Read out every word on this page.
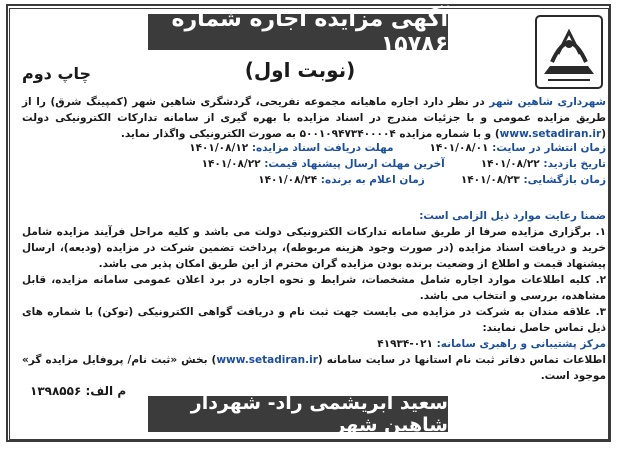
آگهی مزایده اجاره شماره ۱۵۷۸۶
(نوبت اول)
چاپ دوم

شهرداری شاهین شهر در نظر دارد اجاره ماهیانه مجموعه تفریحی، گردشگری شاهین شهر (کمپینگ شرق) را از طریق مزایده عمومی و با جزئیات مندرج در اسناد مزایده با بهره گیری از سامانه تدارکات الکترونیکی دولت (www.setadiran.ir) و با شماره مزایده ۵۰۰۱۰۹۴۷۳۴۰۰۰۰۴ به صورت الکترونیکی واگذار نماید.

زمان انتشار در سایت: ۱۴۰۱/۰۸/۰۱
مهلت دریافت اسناد مزایده: ۱۴۰۱/۰۸/۱۲
تاریخ بازدید: ۱۴۰۱/۰۸/۲۲
آخرین مهلت ارسال پیشنهاد قیمت: ۱۴۰۱/۰۸/۲۲
زمان بازگشایی: ۱۴۰۱/۰۸/۲۳
زمان اعلام به برنده: ۱۴۰۱/۰۸/۲۴

ضمنا رعایت موارد ذیل الزامی است:

۱. برگزاری مزایده صرفا از طریق سامانه تدارکات الکترونیکی دولت می باشد و کلیه مراحل فرآیند مزایده شامل خرید و دریافت اسناد مزایده (در صورت وجود هزینه مربوطه)، پرداخت تضمین شرکت در مزایده (ودیعه)، ارسال پیشنهاد قیمت و اطلاع از وضعیت برنده بودن مزایده گران محترم از این طریق امکان پذیر می باشد.

۲. کلیه اطلاعات موارد اجاره شامل مشخصات، شرایط و نحوه اجاره در برد اعلان عمومی سامانه مزایده، قابل مشاهده، بررسی و انتخاب می باشد.

۳. علاقه مندان به شرکت در مزایده می بایست جهت ثبت نام و دریافت گواهی الکترونیکی (توکن) با شماره های ذیل تماس حاصل نمایند:

مرکز پشتیبانی و راهبری سامانه: ۰۲۱-۴۱۹۳۴

اطلاعات تماس دفاتر ثبت نام استانها در سایت سامانه (www.setadiran.ir) بخش «ثبت نام/ پروفایل مزایده گر» موجود است.

م الف: ۱۳۹۸۵۵۶
سعید ابریشمی راد- شهردار شاهین شهر
